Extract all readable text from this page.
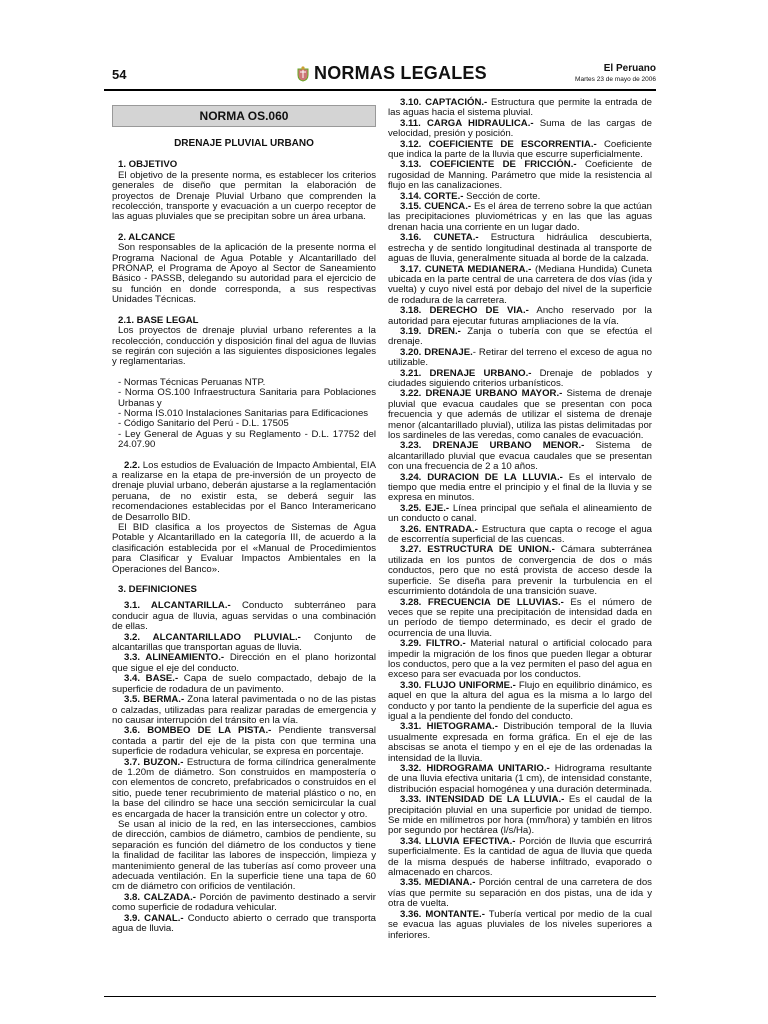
54	NORMAS LEGALES	El Peruano
Martes 23 de mayo de 2006
NORMA OS.060
DRENAJE PLUVIAL URBANO
1. OBJETIVO

El objetivo de la presente norma, es establecer los criterios generales de diseño que permitan la elaboración de proyectos de Drenaje Pluvial Urbano que comprenden la recolección, transporte y evacuación a un cuerpo receptor de las aguas pluviales que se precipitan sobre un área urbana.

2. ALCANCE

Son responsables de la aplicación de la presente norma el Programa Nacional de Agua Potable y Alcantarillado del PRONAP, el Programa de Apoyo al Sector de Saneamiento Básico - PASSB, delegando su autoridad para el ejercicio de su función en donde corresponda, a sus respectivas Unidades Técnicas.

2.1. BASE LEGAL

Los proyectos de drenaje pluvial urbano referentes a la recolección, conducción y disposición final del agua de lluvias se regirán con sujeción a las siguientes disposiciones legales y reglamentarias.

- Normas Técnicas Peruanas NTP.

- Norma OS.100 Infraestructura Sanitaria para Poblaciones Urbanas y

- Norma IS.010 Instalaciones Sanitarias para Edificaciones

- Código Sanitario del Perú - D.L. 17505

- Ley General de Aguas y su Reglamento - D.L. 17752 del 24.07.90

2.2. Los estudios de Evaluación de Impacto Ambiental, EIA a realizarse en la etapa de pre-inversión de un proyecto de drenaje pluvial urbano, deberán ajustarse a la reglamentación peruana, de no existir esta, se deberá seguir las recomendaciones establecidas por el Banco Interamericano de Desarrollo BID.

El BID clasifica a los proyectos de Sistemas de Agua Potable y Alcantarillado en la categoría III, de acuerdo a la clasificación establecida por el «Manual de Procedimientos para Clasificar y Evaluar Impactos Ambientales en la Operaciones del Banco».

3. DEFINICIONES

3.1. ALCANTARILLA.- Conducto subterráneo para conducir agua de lluvia, aguas servidas o una combinación de ellas.

3.2. ALCANTARILLADO PLUVIAL.- Conjunto de alcantarillas que transportan aguas de lluvia.

3.3. ALINEAMIENTO.- Dirección en el plano horizontal que sigue el eje del conducto.

3.4. BASE.- Capa de suelo compactado, debajo de la superficie de rodadura de un pavimento.

3.5. BERMA.- Zona lateral pavimentada o no de las pistas o calzadas, utilizadas para realizar paradas de emergencia y no causar interrupción del tránsito en la vía.

3.6. BOMBEO DE LA PISTA.- Pendiente transversal contada a partir del eje de la pista con que termina una superficie de rodadura vehicular, se expresa en porcentaje.

3.7. BUZON.- Estructura de forma cilíndrica generalmente de 1.20m de diámetro. Son construidos en mampostería o con elementos de concreto, prefabricados o construidos en el sitio, puede tener recubrimiento de material plástico o no, en la base del cilindro se hace una sección semicircular la cual es encargada de hacer la transición entre un colector y otro.

Se usan al inicio de la red, en las intersecciones, cambios de dirección, cambios de diámetro, cambios de pendiente, su separación es función del diámetro de los conductos y tiene la finalidad de facilitar las labores de inspección, limpieza y mantenimiento general de las tuberías así como proveer una adecuada ventilación. En la superficie tiene una tapa de 60 cm de diámetro con orificios de ventilación.

3.8. CALZADA.- Porción de pavimento destinado a servir como superficie de rodadura vehicular.

3.9. CANAL.- Conducto abierto o cerrado que transporta agua de lluvia.

3.10. CAPTACIÓN.- Estructura que permite la entrada de las aguas hacia el sistema pluvial.

3.11. CARGA HIDRAULICA.- Suma de las cargas de velocidad, presión y posición.

3.12. COEFICIENTE DE ESCORRENTIA.- Coeficiente que indica la parte de la lluvia que escurre superficialmente.

3.13. COEFICIENTE DE FRICCIÓN.- Coeficiente de rugosidad de Manning. Parámetro que mide la resistencia al flujo en las canalizaciones.

3.14. CORTE.- Sección de corte.

3.15. CUENCA.- Es el área de terreno sobre la que actúan las precipitaciones pluviométricas y en las que las aguas drenan hacia una corriente en un lugar dado.

3.16. CUNETA.- Estructura hidráulica descubierta, estrecha y de sentido longitudinal destinada al transporte de aguas de lluvia, generalmente situada al borde de la calzada.

3.17. CUNETA MEDIANERA.- (Mediana Hundida) Cuneta ubicada en la parte central de una carretera de dos vías (ida y vuelta) y cuyo nivel está por debajo del nivel de la superficie de rodadura de la carretera.

3.18. DERECHO DE VIA.- Ancho reservado por la autoridad para ejecutar futuras ampliaciones de la vía.

3.19. DREN.- Zanja o tubería con que se efectúa el drenaje.

3.20. DRENAJE.- Retirar del terreno el exceso de agua no utilizable.

3.21. DRENAJE URBANO.- Drenaje de poblados y ciudades siguiendo criterios urbanísticos.

3.22. DRENAJE URBANO MAYOR.- Sistema de drenaje pluvial que evacua caudales que se presentan con poca frecuencia y que además de utilizar el sistema de drenaje menor (alcantarillado pluvial), utiliza las pistas delimitadas por los sardineles de las veredas, como canales de evacuación.

3.23. DRENAJE URBANO MENOR.- Sistema de alcantarillado pluvial que evacua caudales que se presentan con una frecuencia de 2 a 10 años.

3.24. DURACION DE LA LLUVIA.- Es el intervalo de tiempo que media entre el principio y el final de la lluvia y se expresa en minutos.

3.25. EJE.- Línea principal que señala el alineamiento de un conducto o canal.

3.26. ENTRADA.- Estructura que capta o recoge el agua de escorrentía superficial de las cuencas.

3.27. ESTRUCTURA DE UNION.- Cámara subterránea utilizada en los puntos de convergencia de dos o más conductos, pero que no está provista de acceso desde la superficie. Se diseña para prevenir la turbulencia en el escurrimiento dotándola de una transición suave.

3.28. FRECUENCIA DE LLUVIAS.- Es el número de veces que se repite una precipitación de intensidad dada en un período de tiempo determinado, es decir el grado de ocurrencia de una lluvia.

3.29. FILTRO.- Material natural o artificial colocado para impedir la migración de los finos que pueden llegar a obturar los conductos, pero que a la vez permiten el paso del agua en exceso para ser evacuada por los conductos.

3.30. FLUJO UNIFORME.- Flujo en equilibrio dinámico, es aquel en que la altura del agua es la misma a lo largo del conducto y por tanto la pendiente de la superficie del agua es igual a la pendiente del fondo del conducto.

3.31. HIETOGRAMA.- Distribución temporal de la lluvia usualmente expresada en forma gráfica. En el eje de las abscisas se anota el tiempo y en el eje de las ordenadas la intensidad de la lluvia.

3.32. HIDROGRAMA UNITARIO.- Hidrograma resultante de una lluvia efectiva unitaria (1 cm), de intensidad constante, distribución espacial homogénea y una duración determinada.

3.33. INTENSIDAD DE LA LLUVIA.- Es el caudal de la precipitación pluvial en una superficie por unidad de tiempo. Se mide en milímetros por hora (mm/hora) y también en litros por segundo por hectárea (l/s/Ha).

3.34. LLUVIA EFECTIVA.- Porción de lluvia que escurrirá superficialmente. Es la cantidad de agua de lluvia que queda de la misma después de haberse infiltrado, evaporado o almacenado en charcos.

3.35. MEDIANA.- Porción central de una carretera de dos vías que permite su separación en dos pistas, una de ida y otra de vuelta.

3.36. MONTANTE.- Tubería vertical por medio de la cual se evacua las aguas pluviales de los niveles superiores a inferiores.
